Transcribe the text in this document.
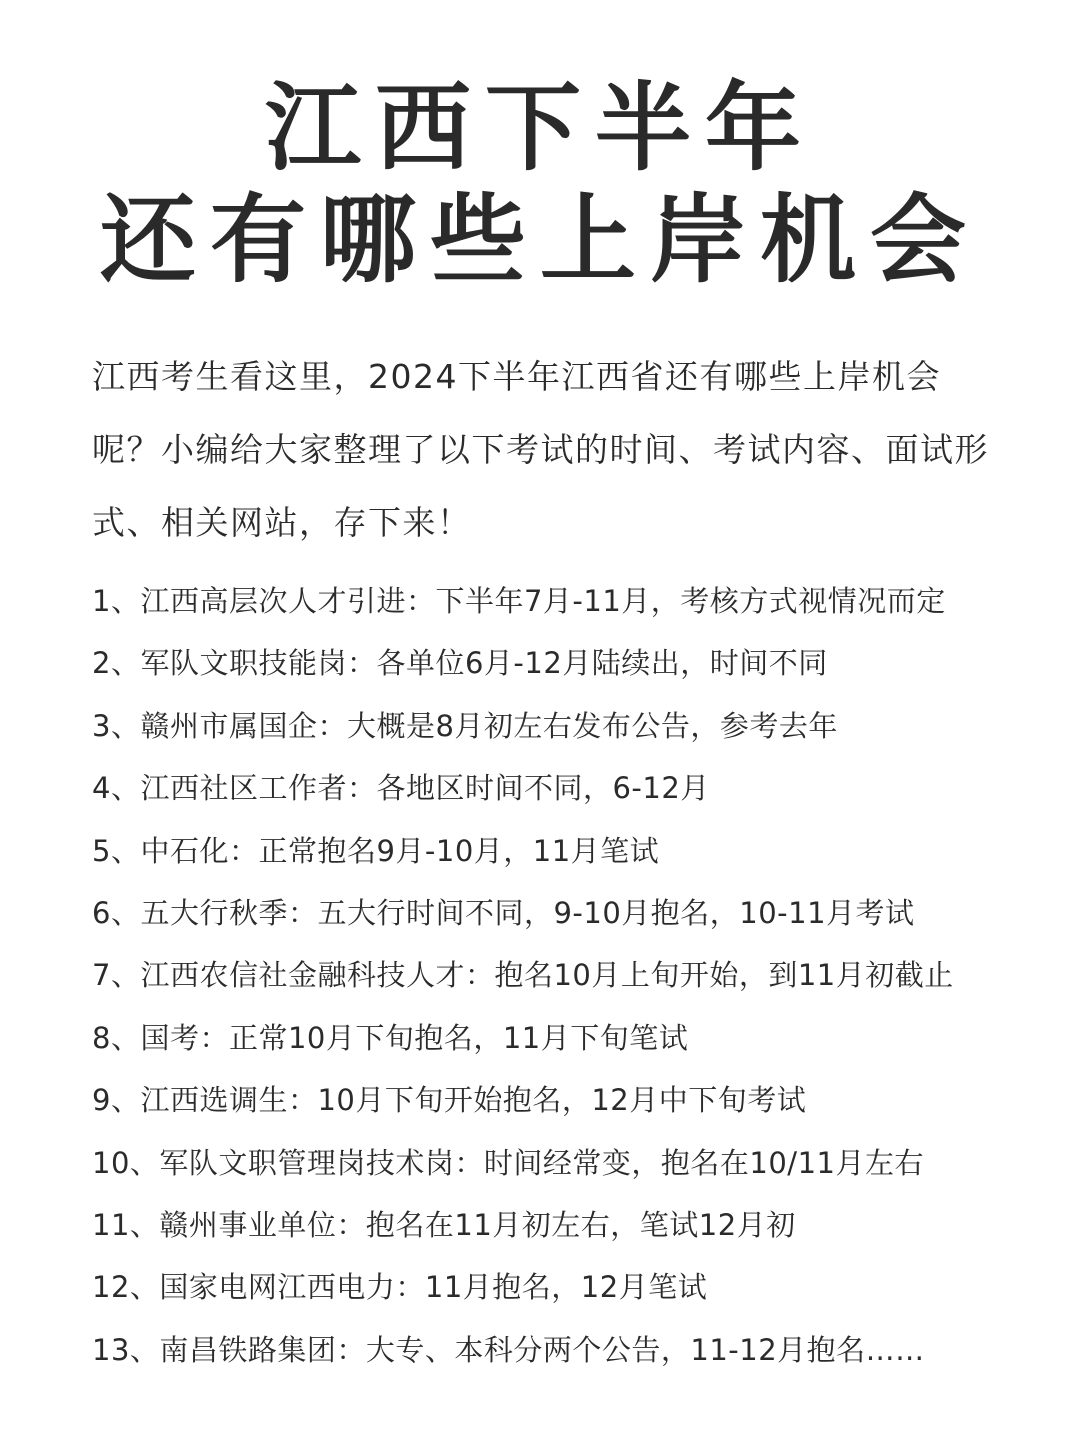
江西下半年
还有哪些上岸机会
江西考生看这里，2024下半年江西省还有哪些上岸机会呢？小编给大家整理了以下考试的时间、考试内容、面试形式、相关网站，存下来！
1、江西高层次人才引进：下半年7月-11月，考核方式视情况而定
2、军队文职技能岗：各单位6月-12月陆续出，时间不同
3、赣州市属国企：大概是8月初左右发布公告，参考去年
4、江西社区工作者：各地区时间不同，6-12月
5、中石化：正常抱名9月-10月，11月笔试
6、五大行秋季：五大行时间不同，9-10月抱名，10-11月考试
7、江西农信社金融科技人才：抱名10月上旬开始，到11月初截止
8、国考：正常10月下旬抱名，11月下旬笔试
9、江西选调生：10月下旬开始抱名，12月中下旬考试
10、军队文职管理岗技术岗：时间经常变，抱名在10/11月左右
11、赣州事业单位：抱名在11月初左右，笔试12月初
12、国家电网江西电力：11月抱名，12月笔试
13、南昌铁路集团：大专、本科分两个公告，11-12月抱名……
